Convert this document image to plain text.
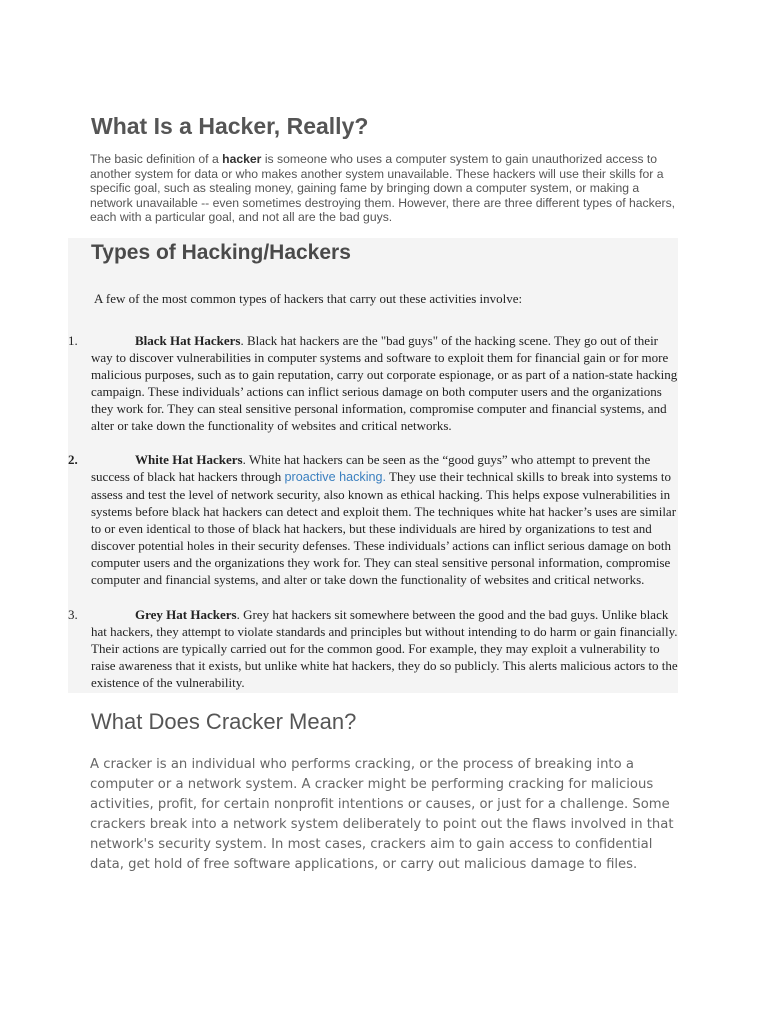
What Is a Hacker, Really?

The basic definition of a hacker is someone who uses a computer system to gain unauthorized access to another system for data or who makes another system unavailable. These hackers will use their skills for a specific goal, such as stealing money, gaining fame by bringing down a computer system, or making a network unavailable -- even sometimes destroying them. However, there are three different types of hackers, each with a particular goal, and not all are the bad guys.

Types of Hacking/Hackers

A few of the most common types of hackers that carry out these activities involve:

1.	Black Hat Hackers. Black hat hackers are the "bad guys" of the hacking scene. They go out of their way to discover vulnerabilities in computer systems and software to exploit them for financial gain or for more malicious purposes, such as to gain reputation, carry out corporate espionage, or as part of a nation-state hacking campaign. These individuals’ actions can inflict serious damage on both computer users and the organizations they work for. They can steal sensitive personal information, compromise computer and financial systems, and alter or take down the functionality of websites and critical networks.
2.	White Hat Hackers. White hat hackers can be seen as the “good guys” who attempt to prevent the success of black hat hackers through proactive hacking. They use their technical skills to break into systems to assess and test the level of network security, also known as ethical hacking. This helps expose vulnerabilities in systems before black hat hackers can detect and exploit them. The techniques white hat hacker’s uses are similar to or even identical to those of black hat hackers, but these individuals are hired by organizations to test and discover potential holes in their security defenses. These individuals’ actions can inflict serious damage on both computer users and the organizations they work for. They can steal sensitive personal information, compromise computer and financial systems, and alter or take down the functionality of websites and critical networks.
3.	Grey Hat Hackers. Grey hat hackers sit somewhere between the good and the bad guys. Unlike black hat hackers, they attempt to violate standards and principles but without intending to do harm or gain financially. Their actions are typically carried out for the common good. For example, they may exploit a vulnerability to raise awareness that it exists, but unlike white hat hackers, they do so publicly. This alerts malicious actors to the existence of the vulnerability.
What Does Cracker Mean?

A cracker is an individual who performs cracking, or the process of breaking into a computer or a network system. A cracker might be performing cracking for malicious activities, profit, for certain nonprofit intentions or causes, or just for a challenge. Some crackers break into a network system deliberately to point out the flaws involved in that network's security system. In most cases, crackers aim to gain access to confidential data, get hold of free software applications, or carry out malicious damage to files.
